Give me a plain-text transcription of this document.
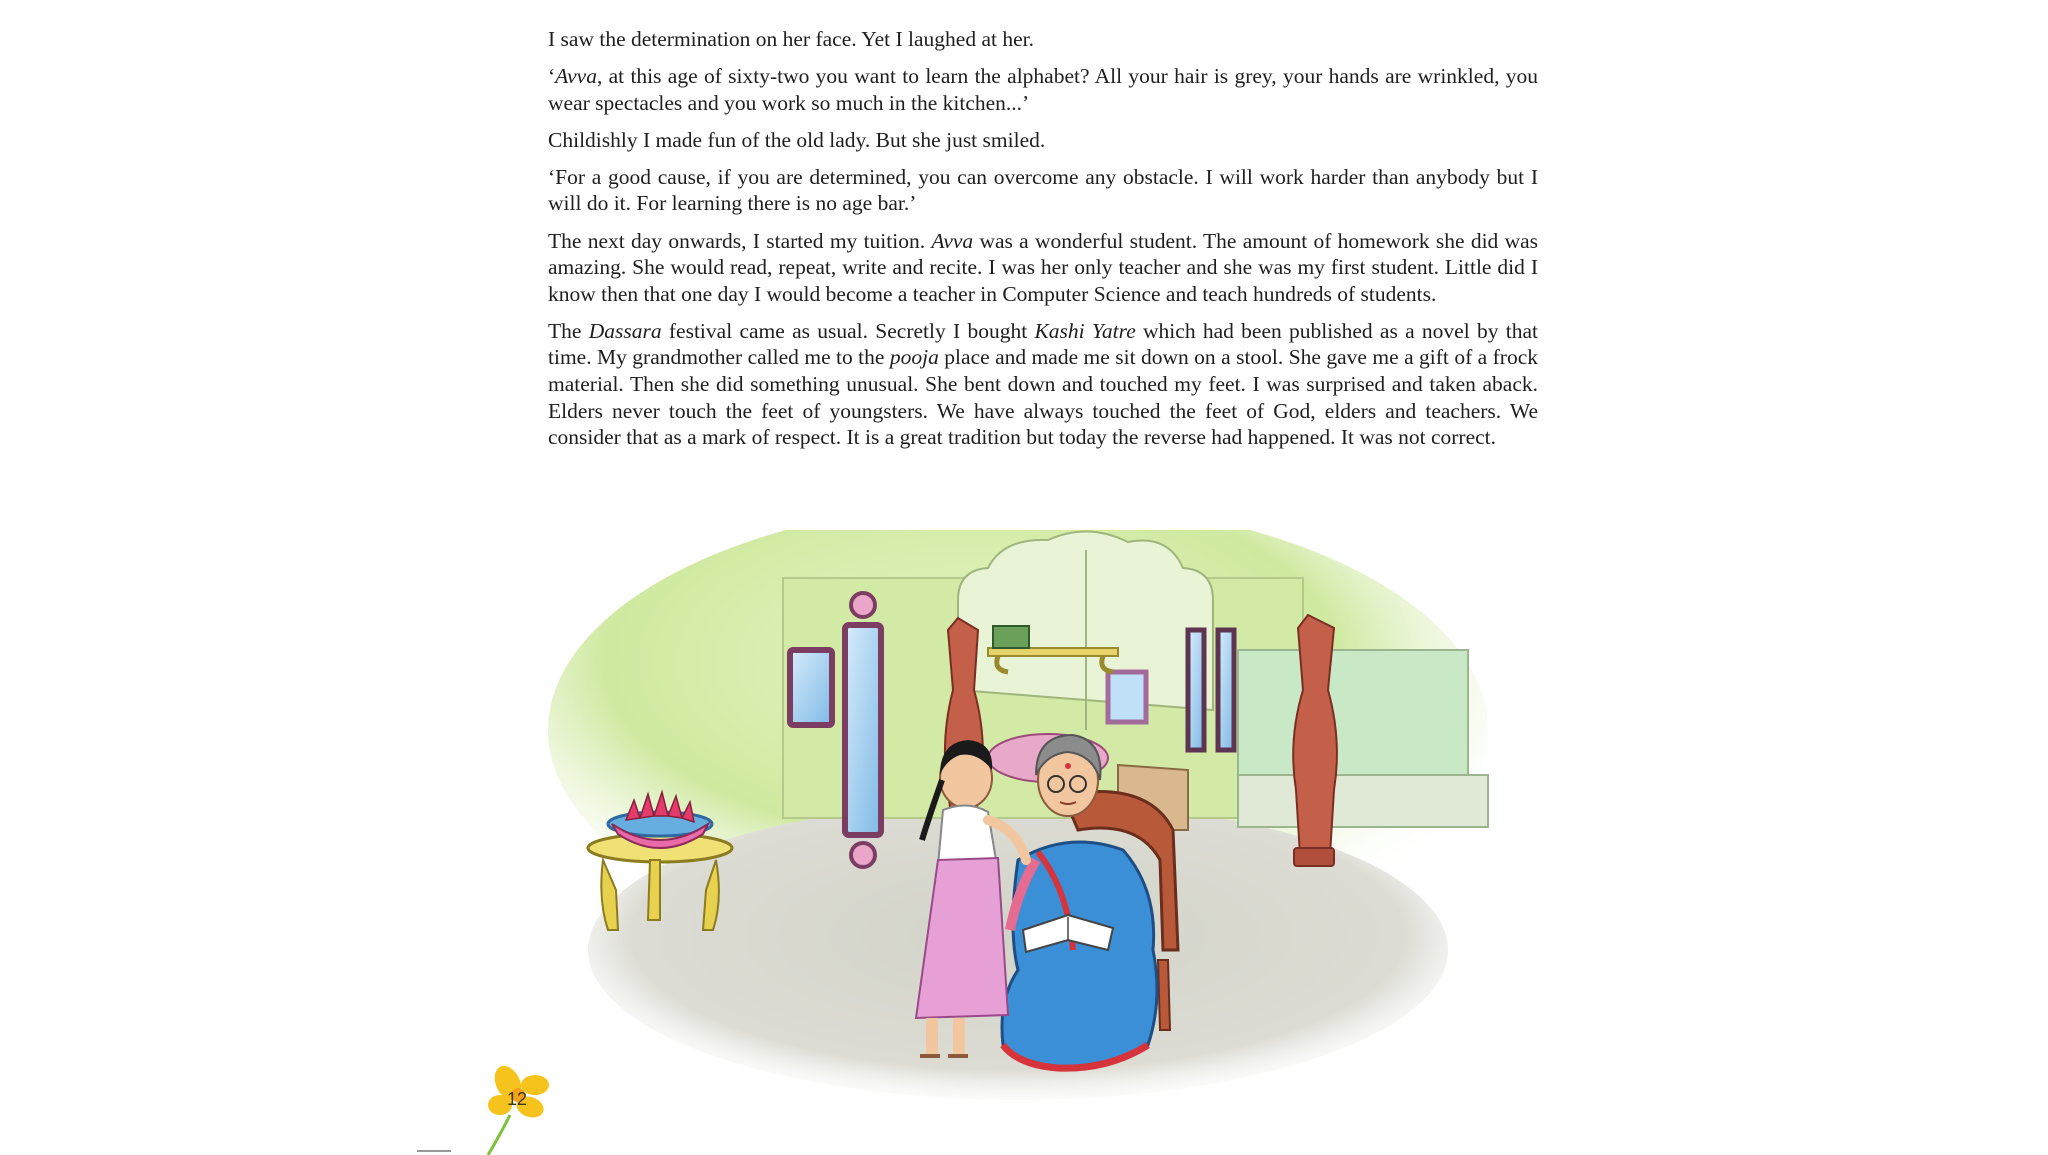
I saw the determination on her face. Yet I laughed at her.

‘Avva, at this age of sixty-two you want to learn the alphabet? All your hair is grey, your hands are wrinkled, you wear spectacles and you work so much in the kitchen...’

Childishly I made fun of the old lady. But she just smiled.

‘For a good cause, if you are determined, you can overcome any obstacle. I will work harder than anybody but I will do it. For learning there is no age bar.’

The next day onwards, I started my tuition. Avva was a wonderful student. The amount of homework she did was amazing. She would read, repeat, write and recite. I was her only teacher and she was my first student. Little did I know then that one day I would become a teacher in Computer Science and teach hundreds of students.

The Dassara festival came as usual. Secretly I bought Kashi Yatre which had been published as a novel by that time. My grandmother called me to the pooja place and made me sit down on a stool. She gave me a gift of a frock material. Then she did something unusual. She bent down and touched my feet. I was surprised and taken aback. Elders never touch the feet of youngsters. We have always touched the feet of God, elders and teachers. We consider that as a mark of respect. It is a great tradition but today the reverse had happened. It was not correct.

12
